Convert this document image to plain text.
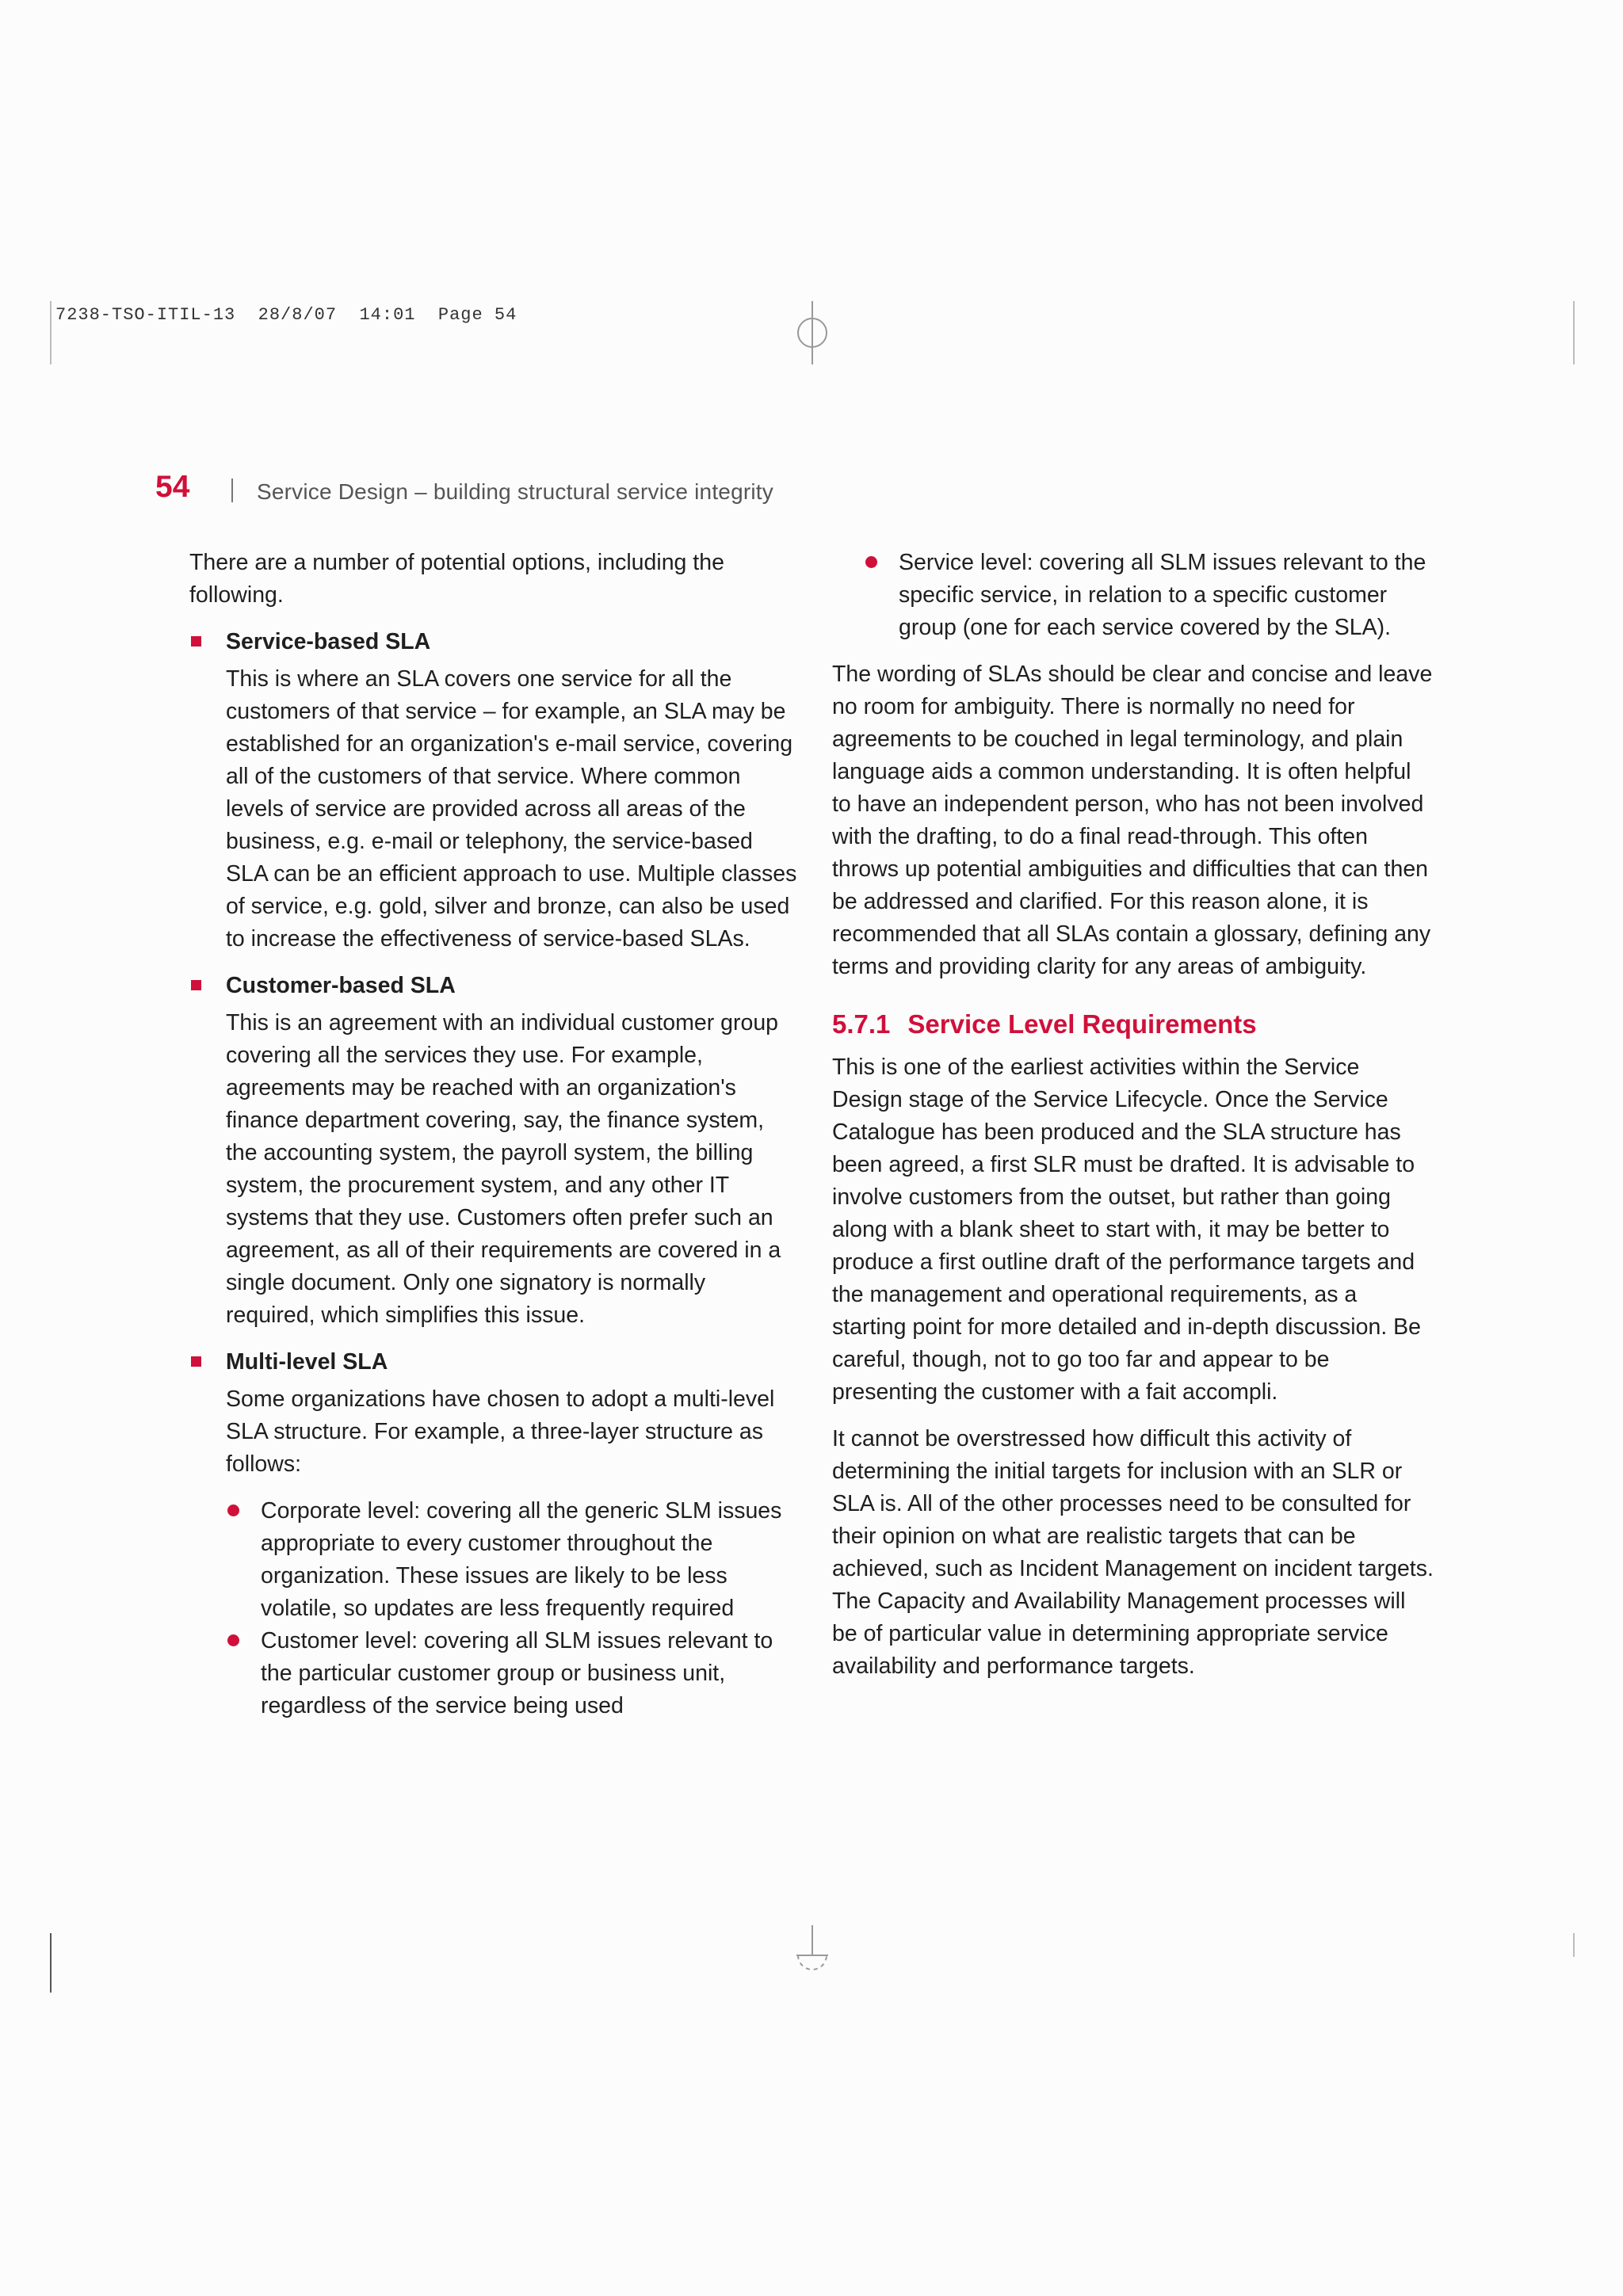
7238-TSO-ITIL-13  28/8/07  14:01  Page 54
54	Service Design – building structural service integrity

There are a number of potential options, including the following.

Service-based SLA

This is where an SLA covers one service for all the customers of that service – for example, an SLA may be established for an organization's e-mail service, covering all of the customers of that service. Where common levels of service are provided across all areas of the business, e.g. e-mail or telephony, the service-based SLA can be an efficient approach to use. Multiple classes of service, e.g. gold, silver and bronze, can also be used to increase the effectiveness of service-based SLAs.

Customer-based SLA

This is an agreement with an individual customer group covering all the services they use. For example, agreements may be reached with an organization's finance department covering, say, the finance system, the accounting system, the payroll system, the billing system, the procurement system, and any other IT systems that they use. Customers often prefer such an agreement, as all of their requirements are covered in a single document. Only one signatory is normally required, which simplifies this issue.

Multi-level SLA

Some organizations have chosen to adopt a multi-level SLA structure. For example, a three-layer structure as follows:

Corporate level: covering all the generic SLM issues appropriate to every customer throughout the organization. These issues are likely to be less volatile, so updates are less frequently required
Customer level: covering all SLM issues relevant to the particular customer group or business unit, regardless of the service being used
Service level: covering all SLM issues relevant to the specific service, in relation to a specific customer group (one for each service covered by the SLA).

The wording of SLAs should be clear and concise and leave no room for ambiguity. There is normally no need for agreements to be couched in legal terminology, and plain language aids a common understanding. It is often helpful to have an independent person, who has not been involved with the drafting, to do a final read-through. This often throws up potential ambiguities and difficulties that can then be addressed and clarified. For this reason alone, it is recommended that all SLAs contain a glossary, defining any terms and providing clarity for any areas of ambiguity.

5.7.1 Service Level Requirements

This is one of the earliest activities within the Service Design stage of the Service Lifecycle. Once the Service Catalogue has been produced and the SLA structure has been agreed, a first SLR must be drafted. It is advisable to involve customers from the outset, but rather than going along with a blank sheet to start with, it may be better to produce a first outline draft of the performance targets and the management and operational requirements, as a starting point for more detailed and in-depth discussion. Be careful, though, not to go too far and appear to be presenting the customer with a fait accompli.

It cannot be overstressed how difficult this activity of determining the initial targets for inclusion with an SLR or SLA is. All of the other processes need to be consulted for their opinion on what are realistic targets that can be achieved, such as Incident Management on incident targets. The Capacity and Availability Management processes will be of particular value in determining appropriate service availability and performance targets.
